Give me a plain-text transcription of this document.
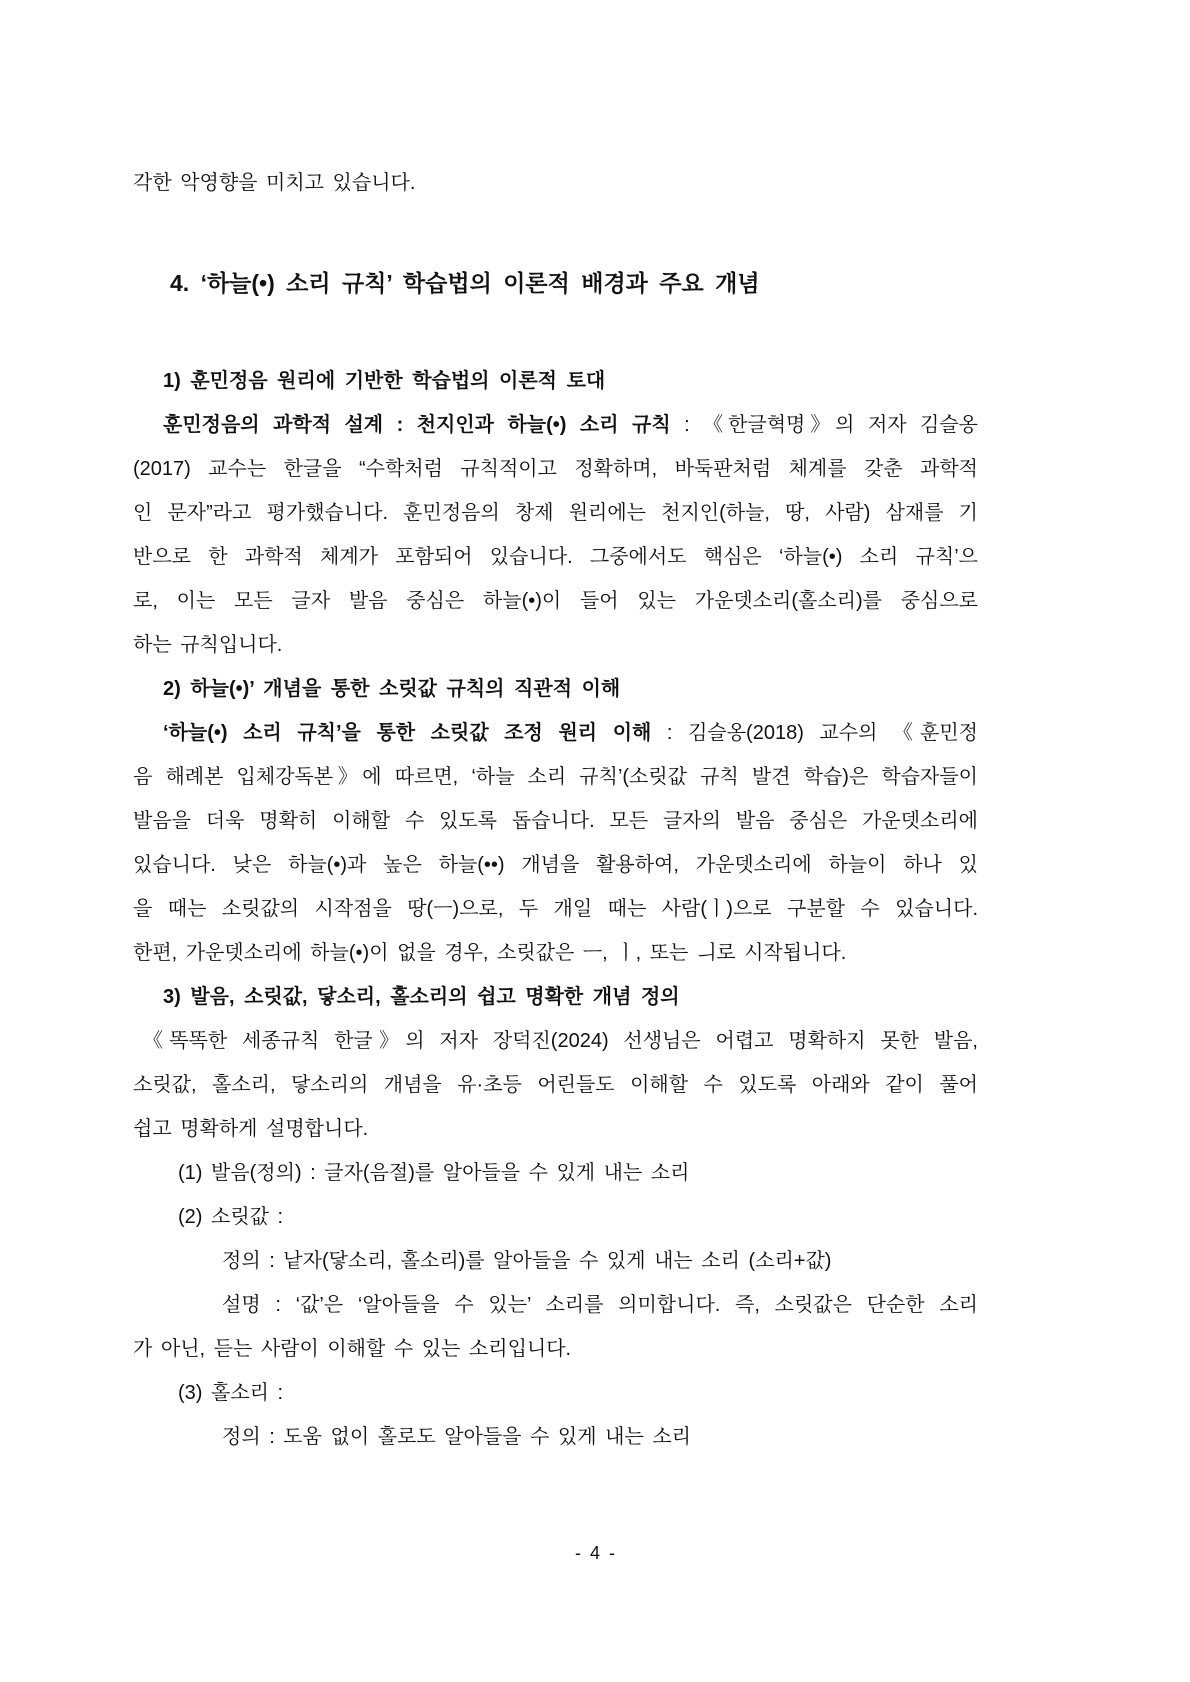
각한 악영향을 미치고 있습니다.
4. ‘하늘(•) 소리 규칙’ 학습법의 이론적 배경과 주요 개념
1) 훈민정음 원리에 기반한 학습법의 이론적 토대
훈민정음의 과학적 설계 : 천지인과 하늘(•) 소리 규칙 : 《한글혁명》의 저자 김슬옹
(2017) 교수는 한글을 “수학처럼 규칙적이고 정확하며, 바둑판처럼 체계를 갖춘 과학적
인 문자”라고 평가했습니다. 훈민정음의 창제 원리에는 천지인(하늘, 땅, 사람) 삼재를 기
반으로 한 과학적 체계가 포함되어 있습니다. 그중에서도 핵심은 ‘하늘(•) 소리 규칙’으
로, 이는 모든 글자 발음 중심은 하늘(•)이 들어 있는 가운뎃소리(홀소리)를 중심으로
하는 규칙입니다.
2) 하늘(•)’ 개념을 통한 소릿값 규칙의 직관적 이해
‘하늘(•) 소리 규칙’을 통한 소릿값 조정 원리 이해 : 김슬옹(2018) 교수의 《훈민정
음 해례본 입체강독본》에 따르면, ‘하늘 소리 규칙’(소릿값 규칙 발견 학습)은 학습자들이
발음을 더욱 명확히 이해할 수 있도록 돕습니다. 모든 글자의 발음 중심은 가운뎃소리에
있습니다. 낮은 하늘(•)과 높은 하늘(••) 개념을 활용하여, 가운뎃소리에 하늘이 하나 있
을 때는 소릿값의 시작점을 땅(ㅡ)으로, 두 개일 때는 사람(ㅣ)으로 구분할 수 있습니다.
한편, 가운뎃소리에 하늘(•)이 없을 경우, 소릿값은 ㅡ, ㅣ, 또는 ㅢ로 시작됩니다.
3) 발음, 소릿값, 닿소리, 홀소리의 쉽고 명확한 개념 정의
《똑똑한 세종규칙 한글》의 저자 장덕진(2024) 선생님은 어렵고 명확하지 못한 발음,
소릿값, 홀소리, 닿소리의 개념을 유·초등 어린들도 이해할 수 있도록 아래와 같이 풀어
쉽고 명확하게 설명합니다.
(1) 발음(정의) : 글자(음절)를 알아들을 수 있게 내는 소리
(2) 소릿값 :
정의 : 낱자(닿소리, 홀소리)를 알아들을 수 있게 내는 소리 (소리+값)
설명 : ‘값’은 ‘알아들을 수 있는’ 소리를 의미합니다. 즉, 소릿값은 단순한 소리
가 아닌, 듣는 사람이 이해할 수 있는 소리입니다.
(3) 홀소리 :
정의 : 도움 없이 홀로도 알아들을 수 있게 내는 소리
- 4 -
